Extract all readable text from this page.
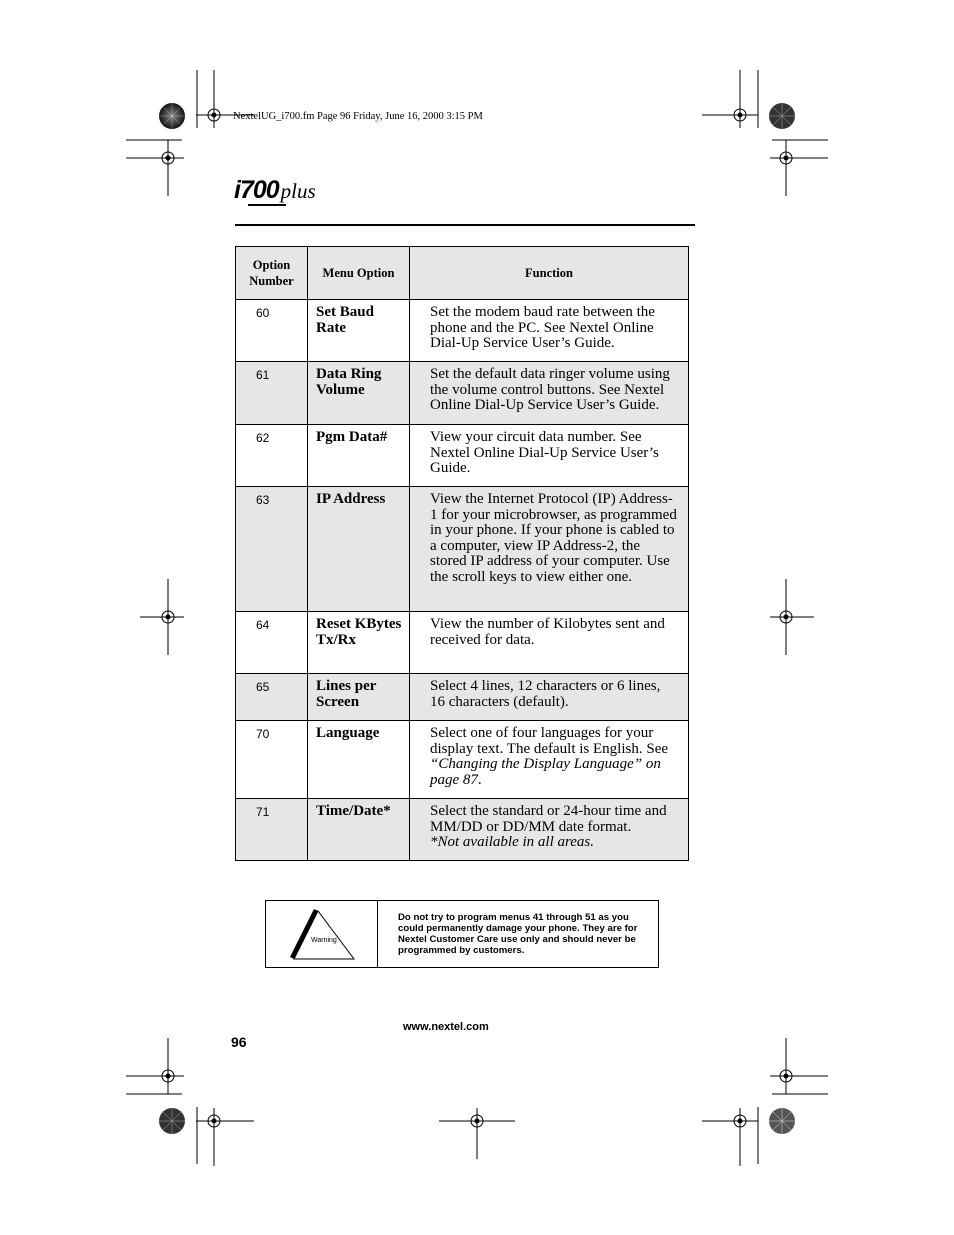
NextelUG_i700.fm Page 96 Friday, June 16, 2000 3:15 PM
i700plus
Option
Number	Menu Option	Function
60	Set Baud Rate	Set the modem baud rate between the phone and the PC. See Nextel Online Dial-Up Service User’s Guide.
61	Data Ring Volume	Set the default data ringer volume using the volume control buttons. See Nextel Online Dial-Up Service User’s Guide.
62	Pgm Data#	View your circuit data number. See Nextel Online Dial-Up Service User’s Guide.
63	IP Address	View the Internet Protocol (IP) Address-1 for your microbrowser, as programmed in your phone. If your phone is cabled to a computer, view IP Address-2, the stored IP address of your computer. Use the scroll keys to view either one.
64	Reset KBytes Tx/Rx	View the number of Kilobytes sent and received for data.
65	Lines per Screen	Select 4 lines, 12 characters or 6 lines, 16 characters (default).
70	Language	Select one of four languages for your display text. The default is English. See “Changing the Display Language” on page 87.
71	Time/Date*	Select the standard or 24-hour time and MM/DD or DD/MM date format.
*Not available in all areas.
Warning
Do not try to program menus 41 through 51 as you could permanently damage your phone. They are for Nextel Customer Care use only and should never be programmed by customers.
www.nextel.com
96
